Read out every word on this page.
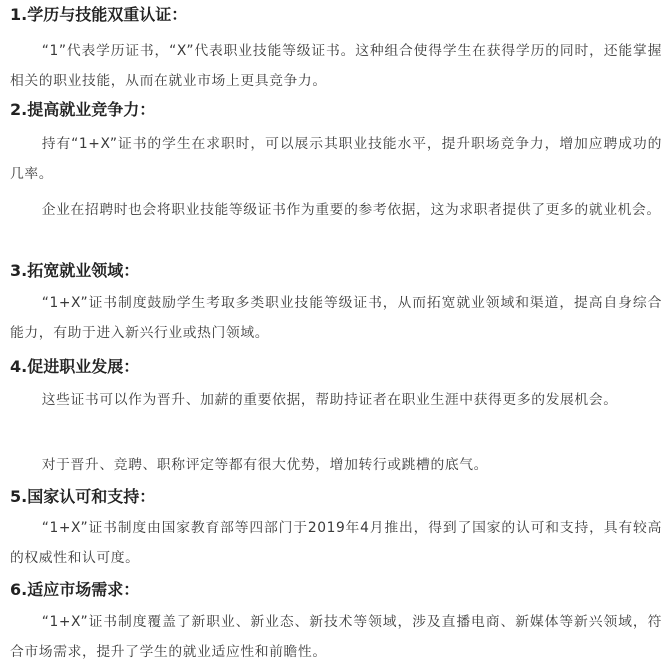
1.学历与技能双重认证：

“1”代表学历证书，“X”代表职业技能等级证书。这种组合使得学生在获得学历的同时，还能掌握相关的职业技能，从而在就业市场上更具竞争力。

2.提高就业竞争力：

持有“1+X”证书的学生在求职时，可以展示其职业技能水平，提升职场竞争力，增加应聘成功的几率。

企业在招聘时也会将职业技能等级证书作为重要的参考依据，这为求职者提供了更多的就业机会。

3.拓宽就业领域：

“1+X”证书制度鼓励学生考取多类职业技能等级证书，从而拓宽就业领域和渠道，提高自身综合能力，有助于进入新兴行业或热门领域。

4.促进职业发展：

这些证书可以作为晋升、加薪的重要依据，帮助持证者在职业生涯中获得更多的发展机会。

对于晋升、竞聘、职称评定等都有很大优势，增加转行或跳槽的底气。

5.国家认可和支持：

“1+X”证书制度由国家教育部等四部门于2019年4月推出，得到了国家的认可和支持，具有较高的权威性和认可度。

6.适应市场需求：

“1+X”证书制度覆盖了新职业、新业态、新技术等领域，涉及直播电商、新媒体等新兴领域，符合市场需求，提升了学生的就业适应性和前瞻性。
